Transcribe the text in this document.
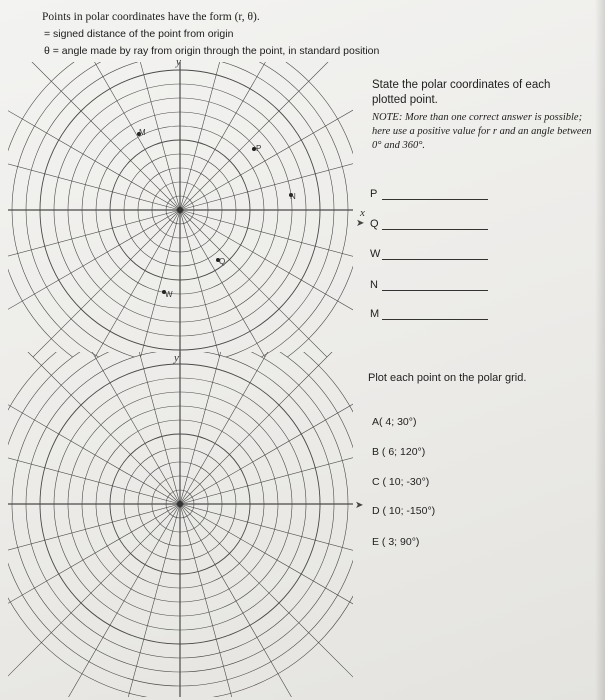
Points in polar coordinates have the form (r, θ).
= signed distance of the point from origin
θ = angle made by ray from origin through the point, in standard position
y
x
➤
M
P
N
Q
W
State the polar coordinates of each plotted point.
NOTE: More than one correct answer is possible; here use a positive value for r and an angle between 0° and 360°.
P
Q
W
N
M
y
➤
Plot each point on the polar grid.
A( 4; 30°)
B ( 6; 120°)
C ( 10; -30°)
D ( 10; -150°)
E ( 3; 90°)
